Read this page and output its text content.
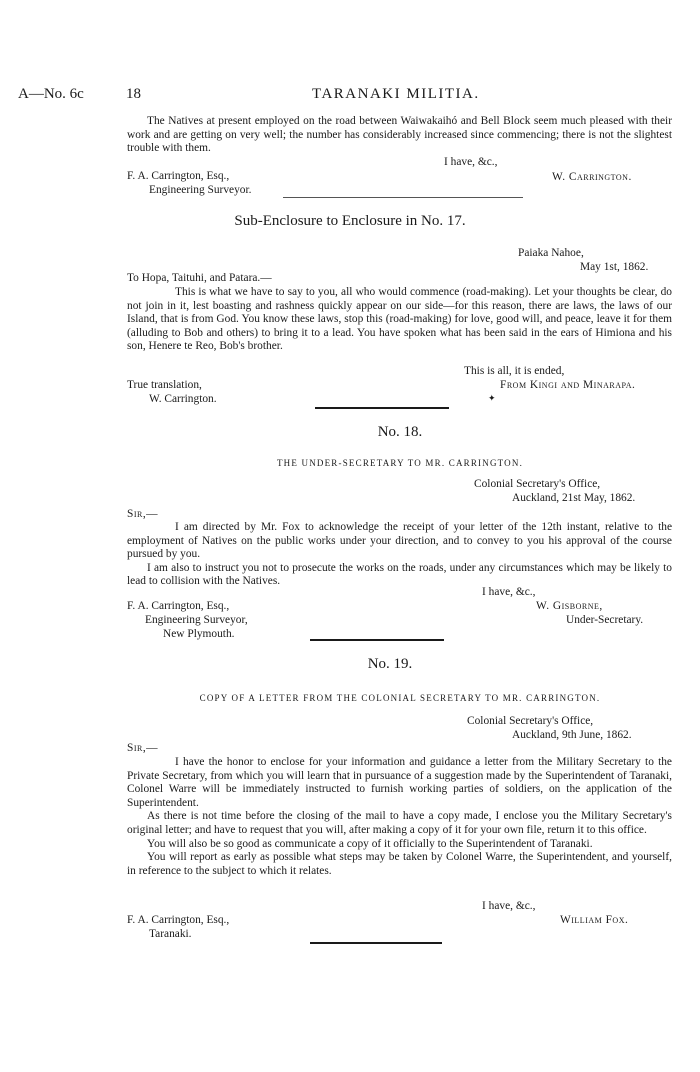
A—No. 6c	18	TARANAKI MILITIA.

The Natives at present employed on the road between Waiwakaihó and Bell Block seem much pleased with their work and are getting on very well; the number has considerably increased since commencing; there is not the slightest trouble with them.

I have, &c.,
W. Carrington.
F. A. Carrington, Esq.,
Engineering Surveyor.
Sub-Enclosure to Enclosure in No. 17.
Paiaka Nahoe,
May 1st, 1862.
To Hopa, Taituhi, and Patara.—

This is what we have to say to you, all who would commence (road-making). Let your thoughts be clear, do not join in it, lest boasting and rashness quickly appear on our side—for this reason, there are laws, the laws of our Island, that is from God. You know these laws, stop this (road-making) for love, good will, and peace, leave it for them (alluding to Bob and others) to bring it to a lead. You have spoken what has been said in the ears of Himiona and his son, Henere te Reo, Bob's brother.

This is all, it is ended,
True translation,	From Kingi and Minarapa.
W. Carrington.	✦
No. 18.
THE UNDER-SECRETARY TO MR. CARRINGTON.
Colonial Secretary's Office,
Auckland, 21st May, 1862.
Sir,—

I am directed by Mr. Fox to acknowledge the receipt of your letter of the 12th instant, relative to the employment of Natives on the public works under your direction, and to convey to you his approval of the course pursued by you.

I am also to instruct you not to prosecute the works on the roads, under any circumstances which may be likely to lead to collision with the Natives.

I have, &c.,
W. Gisborne,
Under-Secretary.
F. A. Carrington, Esq.,
Engineering Surveyor,
New Plymouth.
No. 19.
COPY OF A LETTER FROM THE COLONIAL SECRETARY TO MR. CARRINGTON.
Colonial Secretary's Office,
Auckland, 9th June, 1862.
Sir,—

I have the honor to enclose for your information and guidance a letter from the Military Secretary to the Private Secretary, from which you will learn that in pursuance of a suggestion made by the Superintendent of Taranaki, Colonel Warre will be immediately instructed to furnish working parties of soldiers, on the application of the Superintendent.

As there is not time before the closing of the mail to have a copy made, I enclose you the Military Secretary's original letter; and have to request that you will, after making a copy of it for your own file, return it to this office.

You will also be so good as communicate a copy of it officially to the Superintendent of Taranaki.

You will report as early as possible what steps may be taken by Colonel Warre, the Superintendent, and yourself, in reference to the subject to which it relates.

I have, &c.,
William Fox.
F. A. Carrington, Esq.,
Taranaki.
